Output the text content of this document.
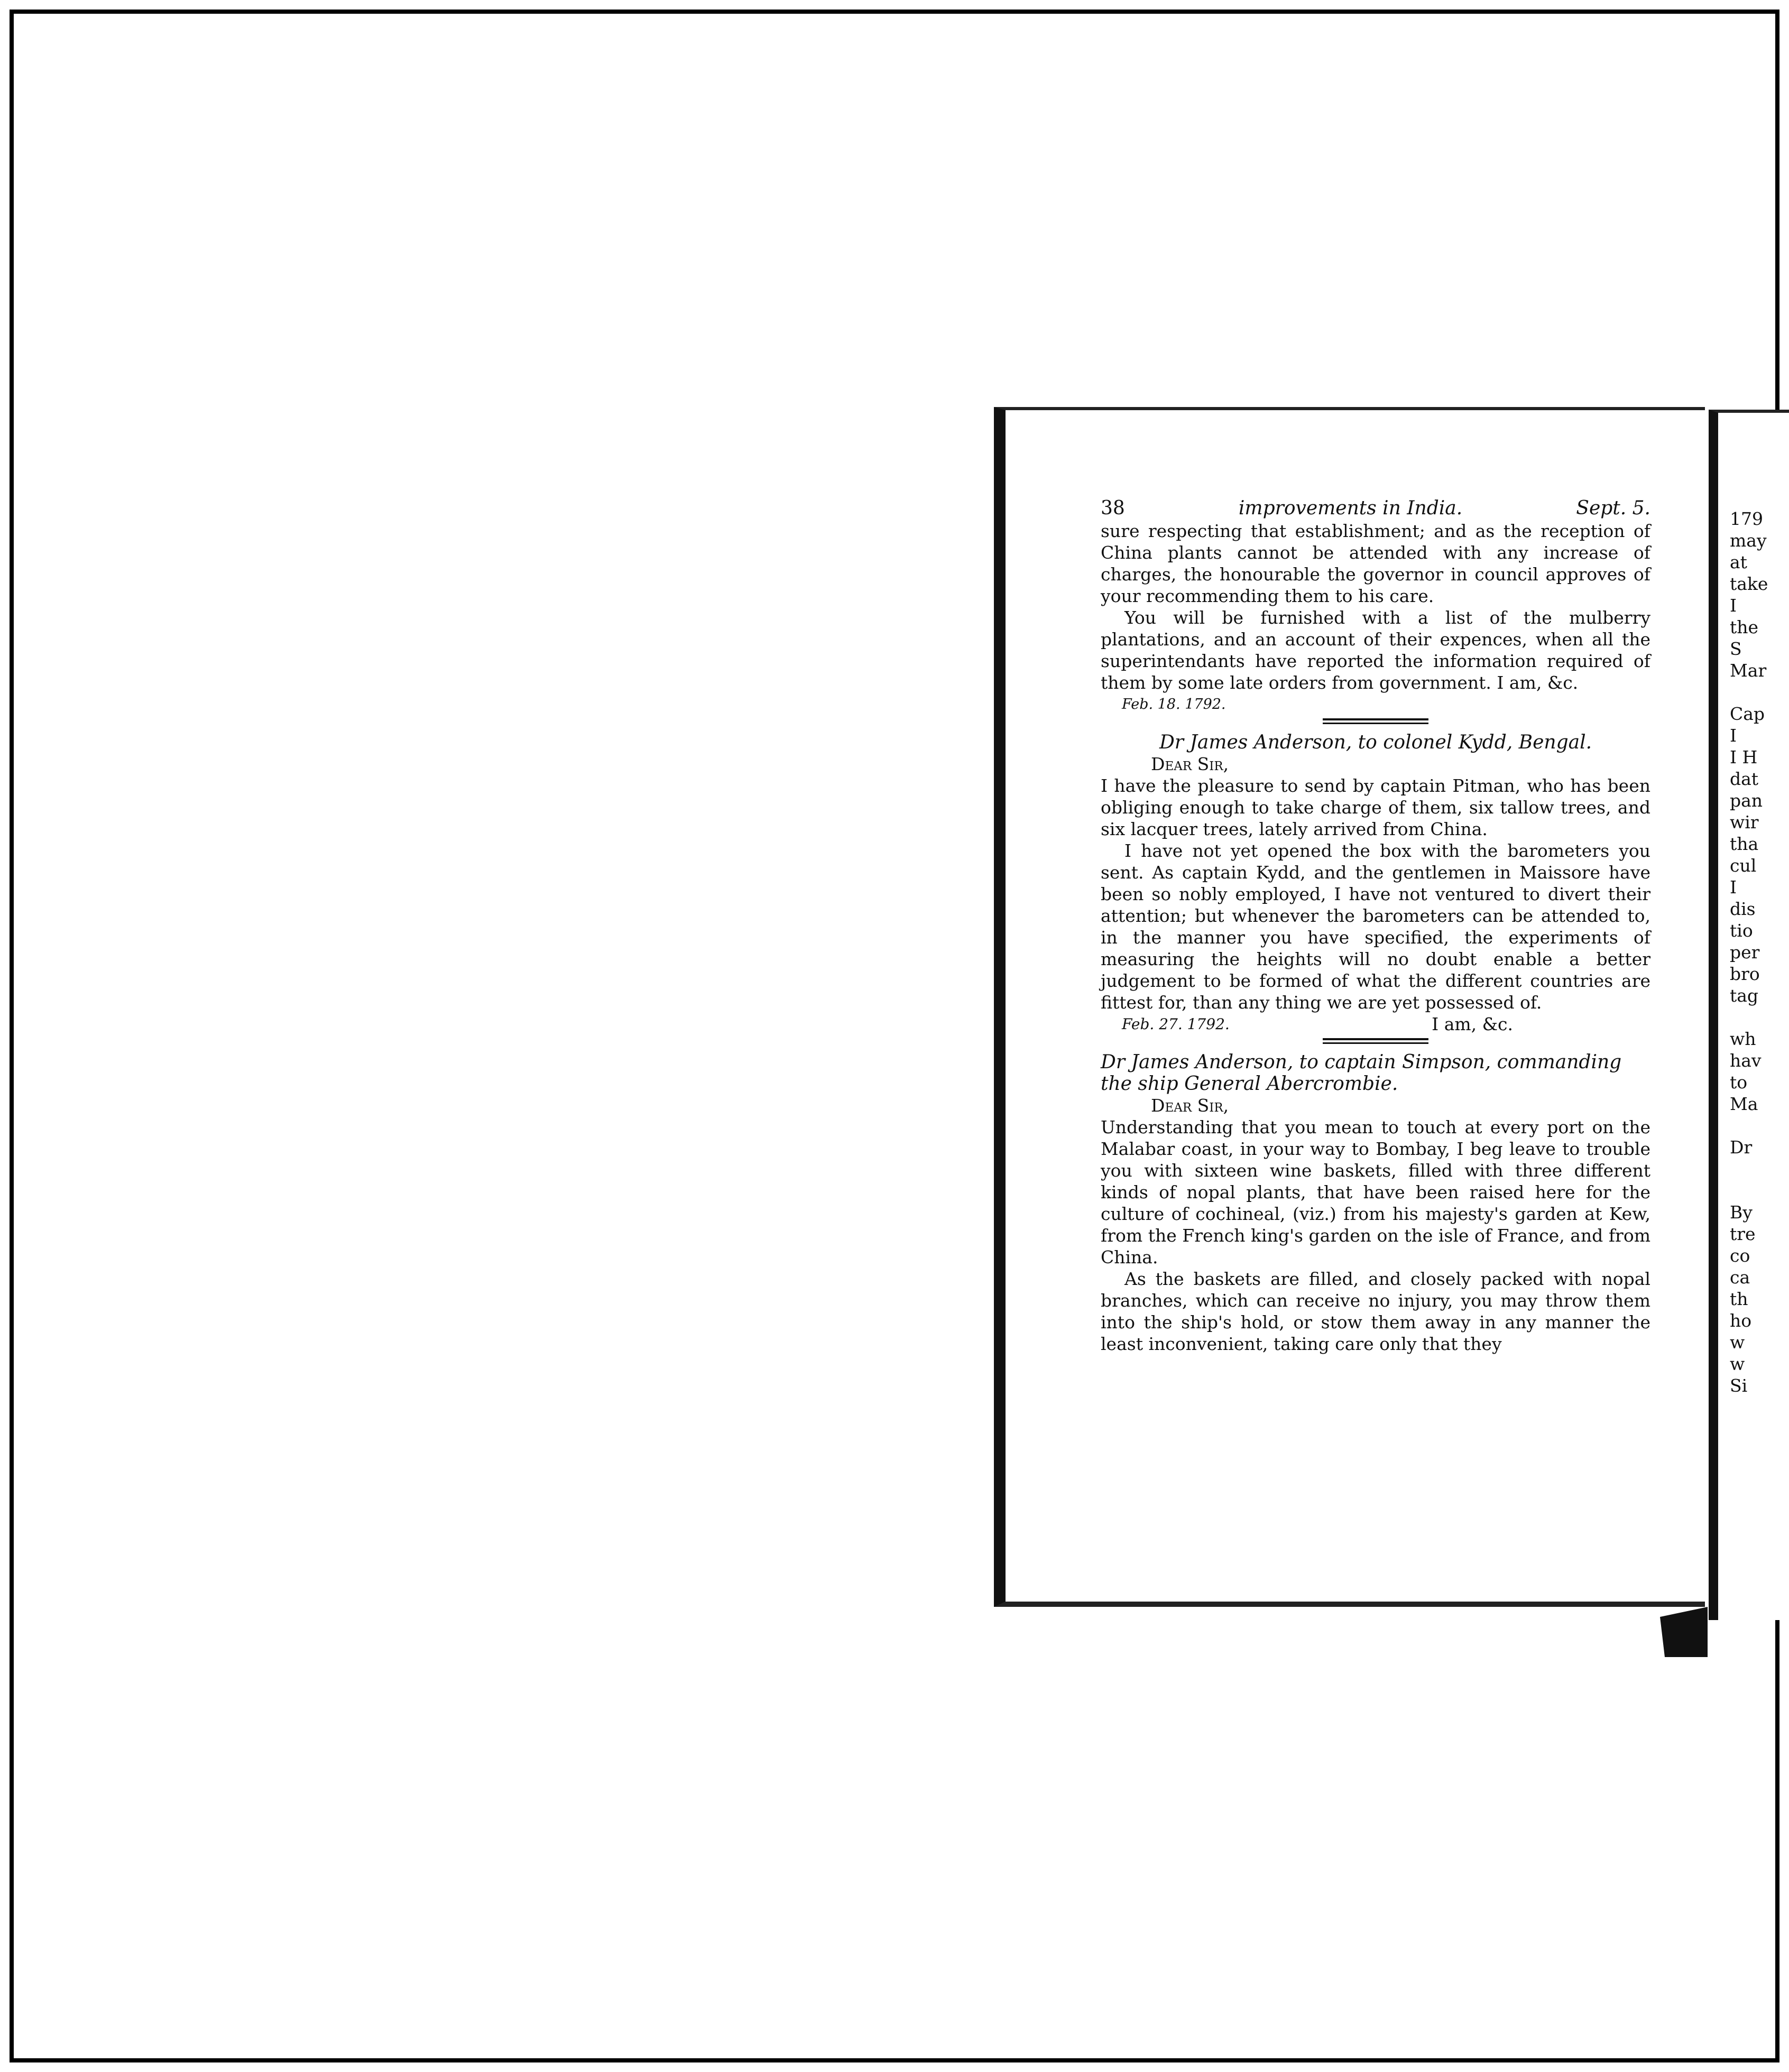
38	improvements in India.	Sept. 5.

sure respecting that establishment; and as the reception of China plants cannot be attended with any increase of charges, the honourable the governor in council approves of your recommending them to his care.

You will be furnished with a list of the mulberry plantations, and an account of their expences, when all the superintendants have reported the information required of them by some late orders from government. I am, &c.

Feb. 18. 1792.
Dr James Anderson, to colonel Kydd, Bengal.
Dear Sir,

I have the pleasure to send by captain Pitman, who has been obliging enough to take charge of them, six tallow trees, and six lacquer trees, lately arrived from China.

I have not yet opened the box with the barometers you sent. As captain Kydd, and the gentlemen in Maissore have been so nobly employed, I have not ventured to divert their attention; but whenever the barometers can be attended to, in the manner you have specified, the experiments of measuring the heights will no doubt enable a better judgement to be formed of what the different countries are fittest for, than any thing we are yet possessed of.

Feb. 27. 1792.	I am, &c.
Dr James Anderson, to captain Simpson, commanding the ship General Abercrombie.
Dear Sir,

Understanding that you mean to touch at every port on the Malabar coast, in your way to Bombay, I beg leave to trouble you with sixteen wine baskets, filled with three different kinds of nopal plants, that have been raised here for the culture of cochineal, (viz.) from his majesty's garden at Kew, from the French king's garden on the isle of France, and from China.

As the baskets are filled, and closely packed with nopal branches, which can receive no injury, you may throw them into the ship's hold, or stow them away in any manner the least inconvenient, taking care only that they

179
may
at
take
I
the
S
Mar
Cap
I
I H
dat
pan
wir
tha
cul
I
dis
tio
per
bro
tag
wh
hav
to
Ma
Dr
By
tre
co
ca
th
ho
w
w
Si
